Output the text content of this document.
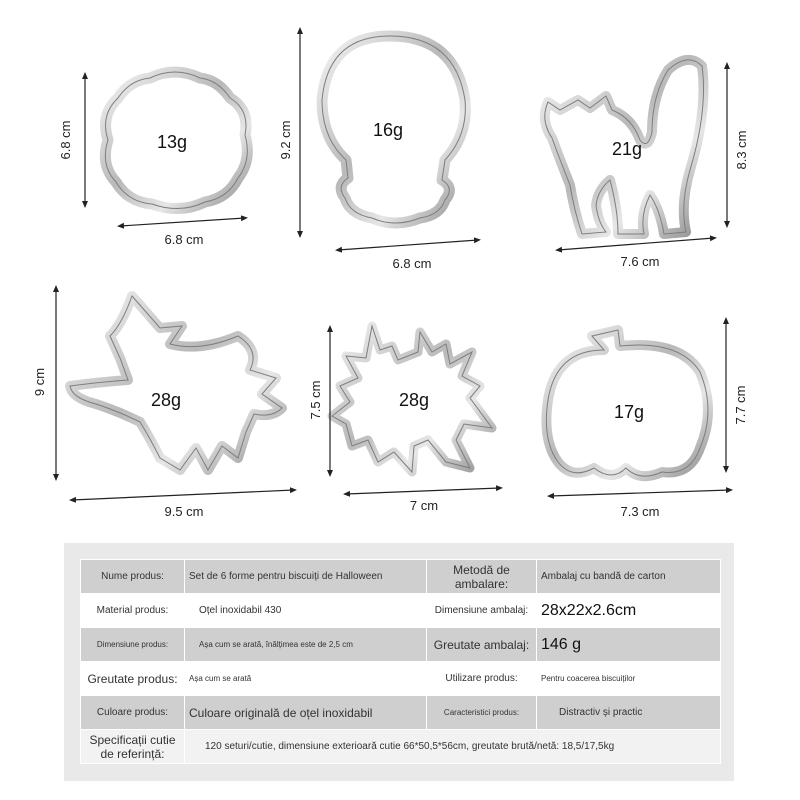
13g
6.8 cm
6.8 cm
16g
9.2 cm
6.8 cm
21g	8.3 cm
7.6 cm
28g
9 cm
9.5 cm
28g
7.5 cm
7 cm
17g	7.7 cm
7.3 cm
Nume produs:	Set de 6 forme pentru biscuiți de Halloween	Metodă de ambalare:	Ambalaj cu bandă de carton
Material produs:	Oțel inoxidabil 430	Dimensiune ambalaj:	28x22x2.6cm
Dimensiune produs:	Așa cum se arată, înălțimea este de 2,5 cm	Greutate ambalaj:	146 g
Greutate produs:	Așa cum se arată	Utilizare produs:	Pentru coacerea biscuiților
Culoare produs:	Culoare originală de oțel inoxidabil	Caracteristici produs:	Distractiv și practic
Specificații cutie de referință:	120 seturi/cutie, dimensiune exterioară cutie 66*50,5*56cm, greutate brută/netă: 18,5/17,5kg		
